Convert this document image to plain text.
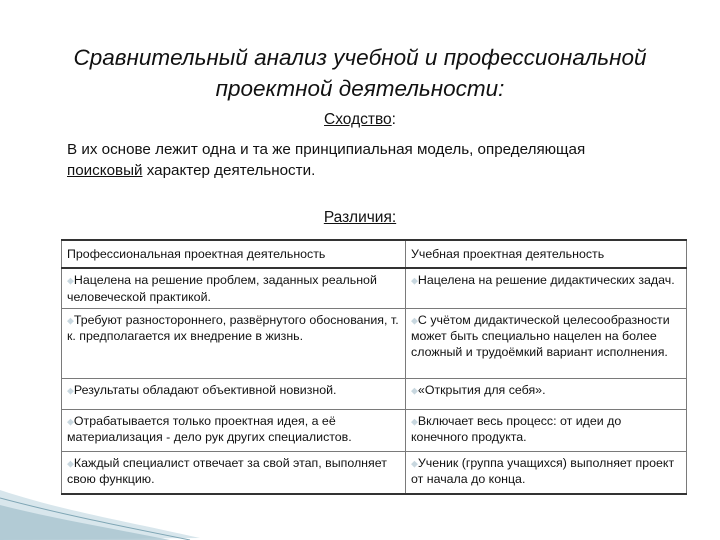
Сравнительный анализ учебной и профессиональной
проектной деятельности:
Сходство:
В их основе лежит одна и та же принципиальная модель, определяющая
поисковый характер деятельности.
Различия:
Профессиональная проектная деятельность	Учебная проектная деятельность
◆Нацелена на решение проблем, заданных реальной человеческой практикой.	◆Нацелена на решение дидактических задач.
◆Требуют разностороннего, развёрнутого обоснования, т. к. предполагается их внедрение в жизнь.	◆С учётом дидактической целесообразности может быть специально нацелен на более сложный и трудоёмкий вариант исполнения.
◆Результаты обладают объективной новизной.	◆«Открытия для себя».
◆Отрабатывается только проектная идея, а её материализация - дело рук других специалистов.	◆Включает весь процесс: от идеи до конечного продукта.
◆Каждый специалист отвечает за свой этап, выполняет свою функцию.	◆Ученик (группа учащихся) выполняет проект от начала до конца.
